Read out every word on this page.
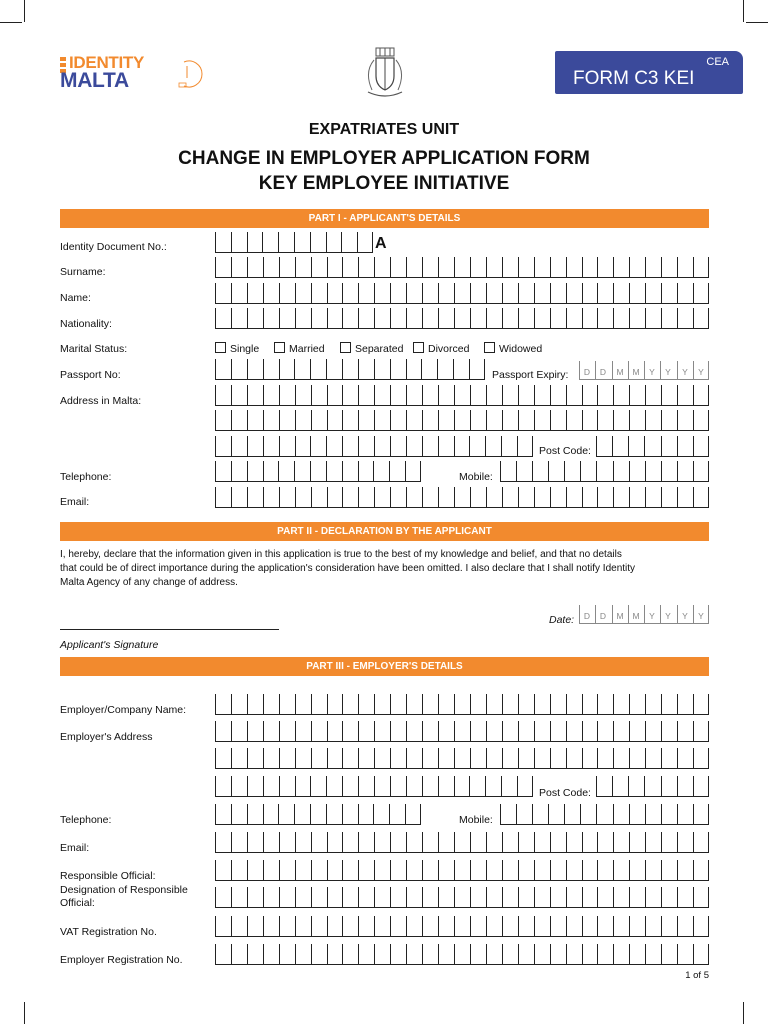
IDENTITY
MALTA
CEA
FORM C3 KEI
EXPATRIATES UNIT
CHANGE IN EMPLOYER APPLICATION FORM
KEY EMPLOYEE INITIATIVE
PART I - APPLICANT'S DETAILS
Identity Document No.:	A
Surname:
Name:
Nationality:
Marital Status:	Single	Married	Separated	Divorced	Widowed
Passport No:	Passport Expiry:	D	D	M	M	Y	Y	Y	Y
Address in Malta:
Post Code:
Telephone:	Mobile:
Email:
PART II - DECLARATION BY THE APPLICANT
I, hereby, declare that the information given in this application is true to the best of my knowledge and belief, and that no details
that could be of direct importance during the application's consideration have been omitted. I also declare that I shall notify Identity
Malta Agency of any change of address.
Date:	D	D	M	M	Y	Y	Y	Y
Applicant's Signature
PART III - EMPLOYER'S DETAILS
Employer/Company Name:
Employer's Address
Post Code:
Telephone:	Mobile:
Email:
Responsible Official:
Designation of Responsible
Official:
VAT Registration No.
Employer Registration No.
1 of 5
